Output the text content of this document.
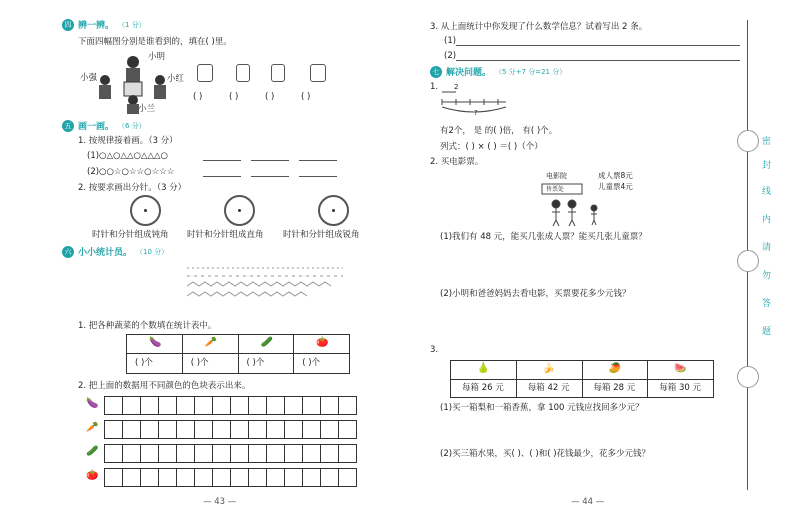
四 辨一辨。 （1 分）
下面四幅图分别是谁看到的，填在( )里。
小明
小强	小红
小兰
( )	( )	( )	( )
五 画一画。 （6 分）
1. 按规律接着画。（3 分）
(1)○△○△△○△△△○
(2)○○☆○☆☆○☆☆☆
2. 按要求画出分针。（3 分）
时针和分针组成钝角 时针和分针组成直角 时针和分针组成锐角
六 小小统计员。 （10 分）
1. 把各种蔬菜的个数填在统计表中。
🍆	🥕	🥒	🍅
( )个	( )个	( )个	( )个
2. 把上面的数据用不同颜色的色块表示出来。
🍆
🥕
🥒
🍅
— 43 —
3. 从上面统计中你发现了什么数学信息？试着写出 2 条。
(1)
(2)
七 解决问题。 （5 分+7 分=21 分）
1. 2
?
有2个， 是 的( )倍， 有( )个。
列式：( ) × ( ) ＝( )（个）
2. 买电影票。
电影院
售票处
成人票8元
儿童票4元
(1)我们有 48 元，能买几张成人票？能买几张儿童票？
(2)小明和爸爸妈妈去看电影，买票要花多少元钱？
3.
🍐	🍌	🥭	🍉
每箱 26 元	每箱 42 元	每箱 28 元	每箱 30 元
(1)买一箱梨和一箱香蕉，拿 100 元钱应找回多少元？
(2)买三箱水果，买( )、( )和( )花钱最少，花多少元钱？
— 44 —
密
封
线
内
请
勿
答
题
